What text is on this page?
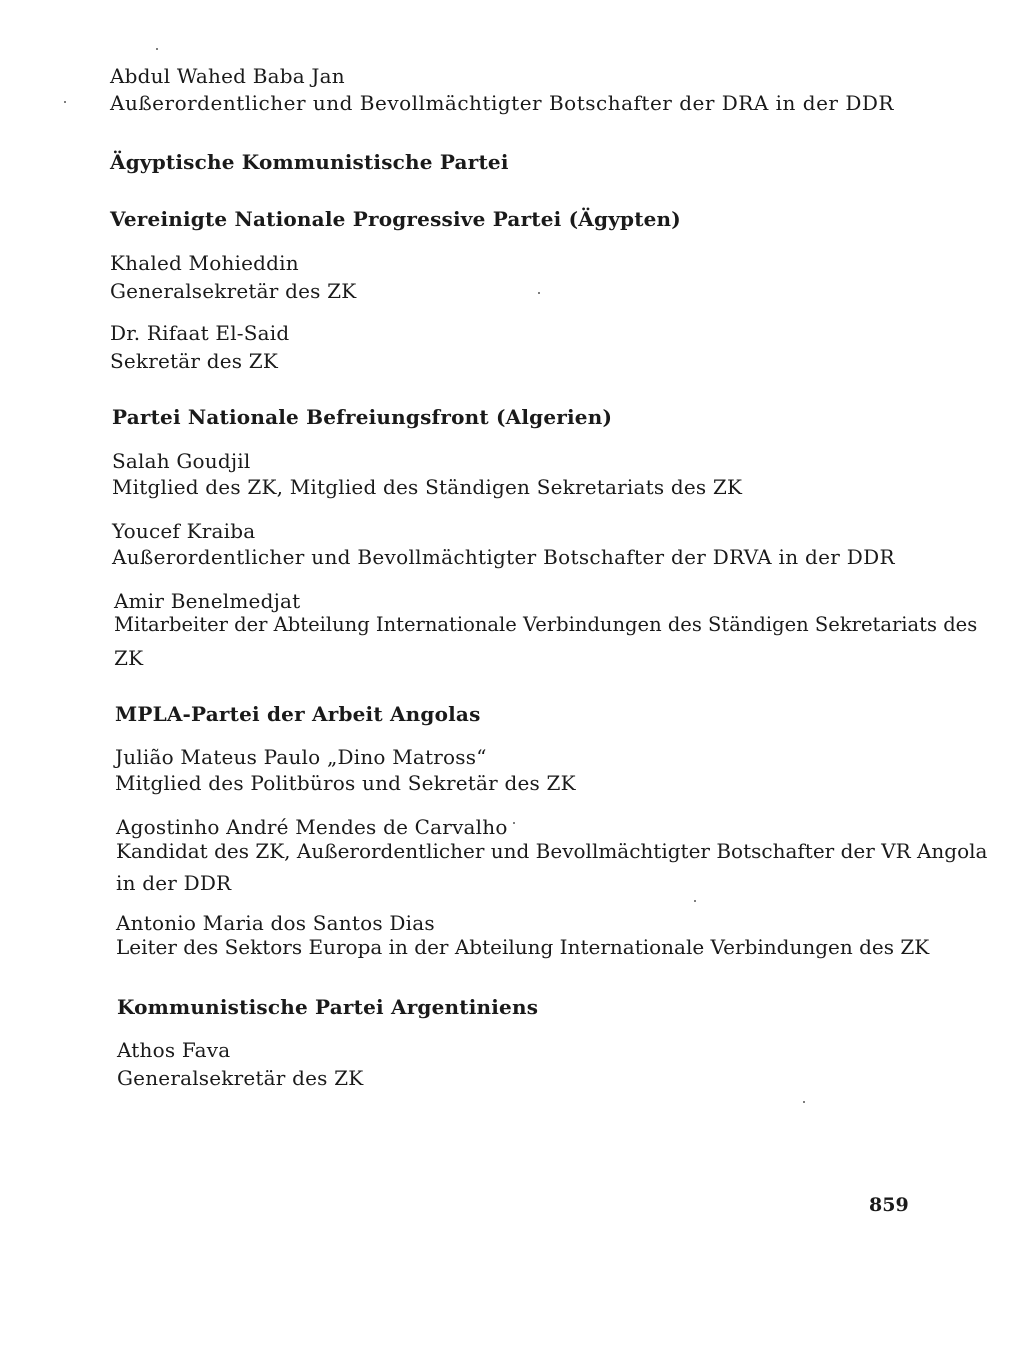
Abdul Wahed Baba Jan
Außerordentlicher und Bevollmächtigter Botschafter der DRA in der DDR
Ägyptische Kommunistische Partei
Vereinigte Nationale Progressive Partei (Ägypten)
Khaled Mohieddin
Generalsekretär des ZK
Dr. Rifaat El-Said
Sekretär des ZK
Partei Nationale Befreiungsfront (Algerien)
Salah Goudjil
Mitglied des ZK, Mitglied des Ständigen Sekretariats des ZK
Youcef Kraiba
Außerordentlicher und Bevollmächtigter Botschafter der DRVA in der DDR
Amir Benelmedjat
Mitarbeiter der Abteilung Internationale Verbindungen des Ständigen Sekretariats des
ZK
MPLA-Partei der Arbeit Angolas
Julião Mateus Paulo „Dino Matross“
Mitglied des Politbüros und Sekretär des ZK
Agostinho André Mendes de Carvalho
Kandidat des ZK, Außerordentlicher und Bevollmächtigter Botschafter der VR Angola
in der DDR
Antonio Maria dos Santos Dias
Leiter des Sektors Europa in der Abteilung Internationale Verbindungen des ZK
Kommunistische Partei Argentiniens
Athos Fava
Generalsekretär des ZK
859
